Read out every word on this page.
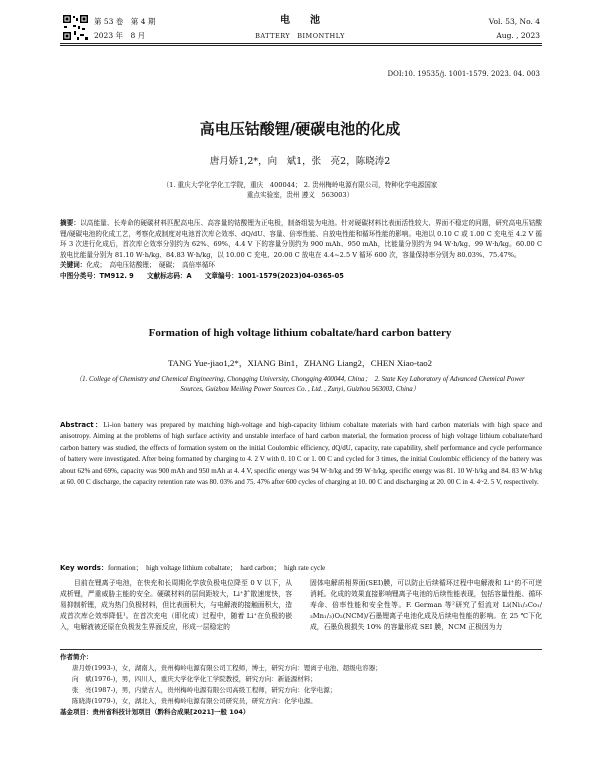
第 53 卷　第 4 期
2023 年　8 月
电　　池
BATTERY　BIMONTHLY
Vol. 53, No. 4
Aug. , 2023
DOI:10. 19535/j. 1001-1579. 2023. 04. 003
高电压钴酸锂/硬碳电池的化成
唐月娇1,2*，向　斌1，张　亮2，陈晓涛2
（1. 重庆大学化学化工学院，重庆　400044； 2. 贵州梅岭电源有限公司，特种化学电源国家重点实验室，贵州 遵义　563003）
摘要：以高能量、长寿命的硬碳材料匹配高电压、高容量的钴酸锂为正电极，制备组装为电池。针对硬碳材料比表面活性较大、界面不稳定的问题，研究高电压钴酸锂/硬碳电池的化成工艺，考察化成制度对电池首次库仑效率、dQ/dU、容量、倍率性能、自放电性能和循环性能的影响。电池以 0.10 C 或 1.00 C 充电至 4.2 V 循环 3 次进行化成后，首次库仑效率分别约为 62%、69%，4.4 V 下的容量分别约为 900 mAh、950 mAh，比能量分别约为 94 W·h/kg、99 W·h/kg。60.00 C 放电比能量分别为 81.10 W·h/kg、84.83 W·h/kg，以 10.00 C 充电、20.00 C 放电在 4.4~2.5 V 循环 600 次，容量保持率分别为 80.03%、75.47%。
关键词：化成；　高电压钴酸锂；　硬碳；　高倍率循环
中图分类号：TM912. 9　　文献标志码：A　　文章编号：1001-1579(2023)04-0365-05
Formation of high voltage lithium cobaltate/hard carbon battery
TANG Yue-jiao1,2*，XIANG Bin1，ZHANG Liang2，CHEN Xiao-tao2
（1. College of Chemistry and Chemical Engineering, Chongqing University, Chongqing 400044, China；　2. State Key Laboratory of Advanced Chemical Power Sources, Guizhou Meiling Power Sources Co. , Ltd. , Zunyi, Guizhou 563003, China）
Abstract：Li-ion battery was prepared by matching high-voltage and high-capacity lithium cobaltate materials with hard carbon materials with high space and anisotropy. Aiming at the problems of high surface activity and unstable interface of hard carbon material, the formation process of high voltage lithium cobaltate/hard carbon battery was studied, the effects of formation system on the initial Coulombic efficiency, dQ/dU, capacity, rate capability, shelf performance and cycle performance of battery were investigated. After being formatted by charging to 4. 2 V with 0. 10 C or 1. 00 C and cycled for 3 times, the initial Coulombic efficiency of the battery was about 62% and 69%, capacity was 900 mAh and 950 mAh at 4. 4 V, specific energy was 94 W·h/kg and 99 W·h/kg, specific energy was 81. 10 W·h/kg and 84. 83 W·h/kg at 60. 00 C discharge, the capacity retention rate was 80. 03% and 75. 47% after 600 cycles of charging at 10. 00 C and discharging at 20. 00 C in 4. 4~2. 5 V, respectively.
Key words：formation；　high voltage lithium cobaltate；　hard carbon；　high rate cycle
　　目前在锂离子电池，在快充和长周期化学放负极电位降至 0 V 以下，从成析锂，严重威胁主能的安全。硬碳材料的层间距较大，Li⁺扩散速度快，容易抑制析锂，成为热门负极材料，但比表面积大，与电解液的接触面积大，造成首次库仑效率降低¹。在首次充电（即化成）过程中，随着 Li⁺在负极的嵌入，电解液被还原在负极发生界面反应，形成一层稳定的
固体电解质相界面(SEI)膜，可以防止后续循环过程中电解液和 Li⁺的不可逆消耗。化成的效果直接影响锂离子电池的后续性能表现，包括容量性能、循环寿命、倍率性能和安全性等。F. German 等²研究了恒流对 Li(Ni₁/₃Co₁/₃Mn₁/₃)O₂(NCM)/石墨锂离子电池化成及后续电性能的影响。在 25 ℃下化成，石墨负极损失 10% 的容量形成 SEI 膜，NCM 正极因为力
作者简介：
唐月娇(1993-)，女，湖南人，贵州梅岭电源有限公司工程师，博士，研究方向：锂离子电池、超级电容器；
向　斌(1976-)，男，四川人，重庆大学化学化工学院教授，研究方向：新能源材料；
张　亮(1987-)，男，内蒙古人，贵州梅岭电源有限公司高级工程师，研究方向：化学电源；
陈晓涛(1979-)，女，湖北人，贵州梅岭电源有限公司研究员，研究方向：化学电源。
基金项目：贵州省科技计划项目（黔科合成果[2021]一般 104）
